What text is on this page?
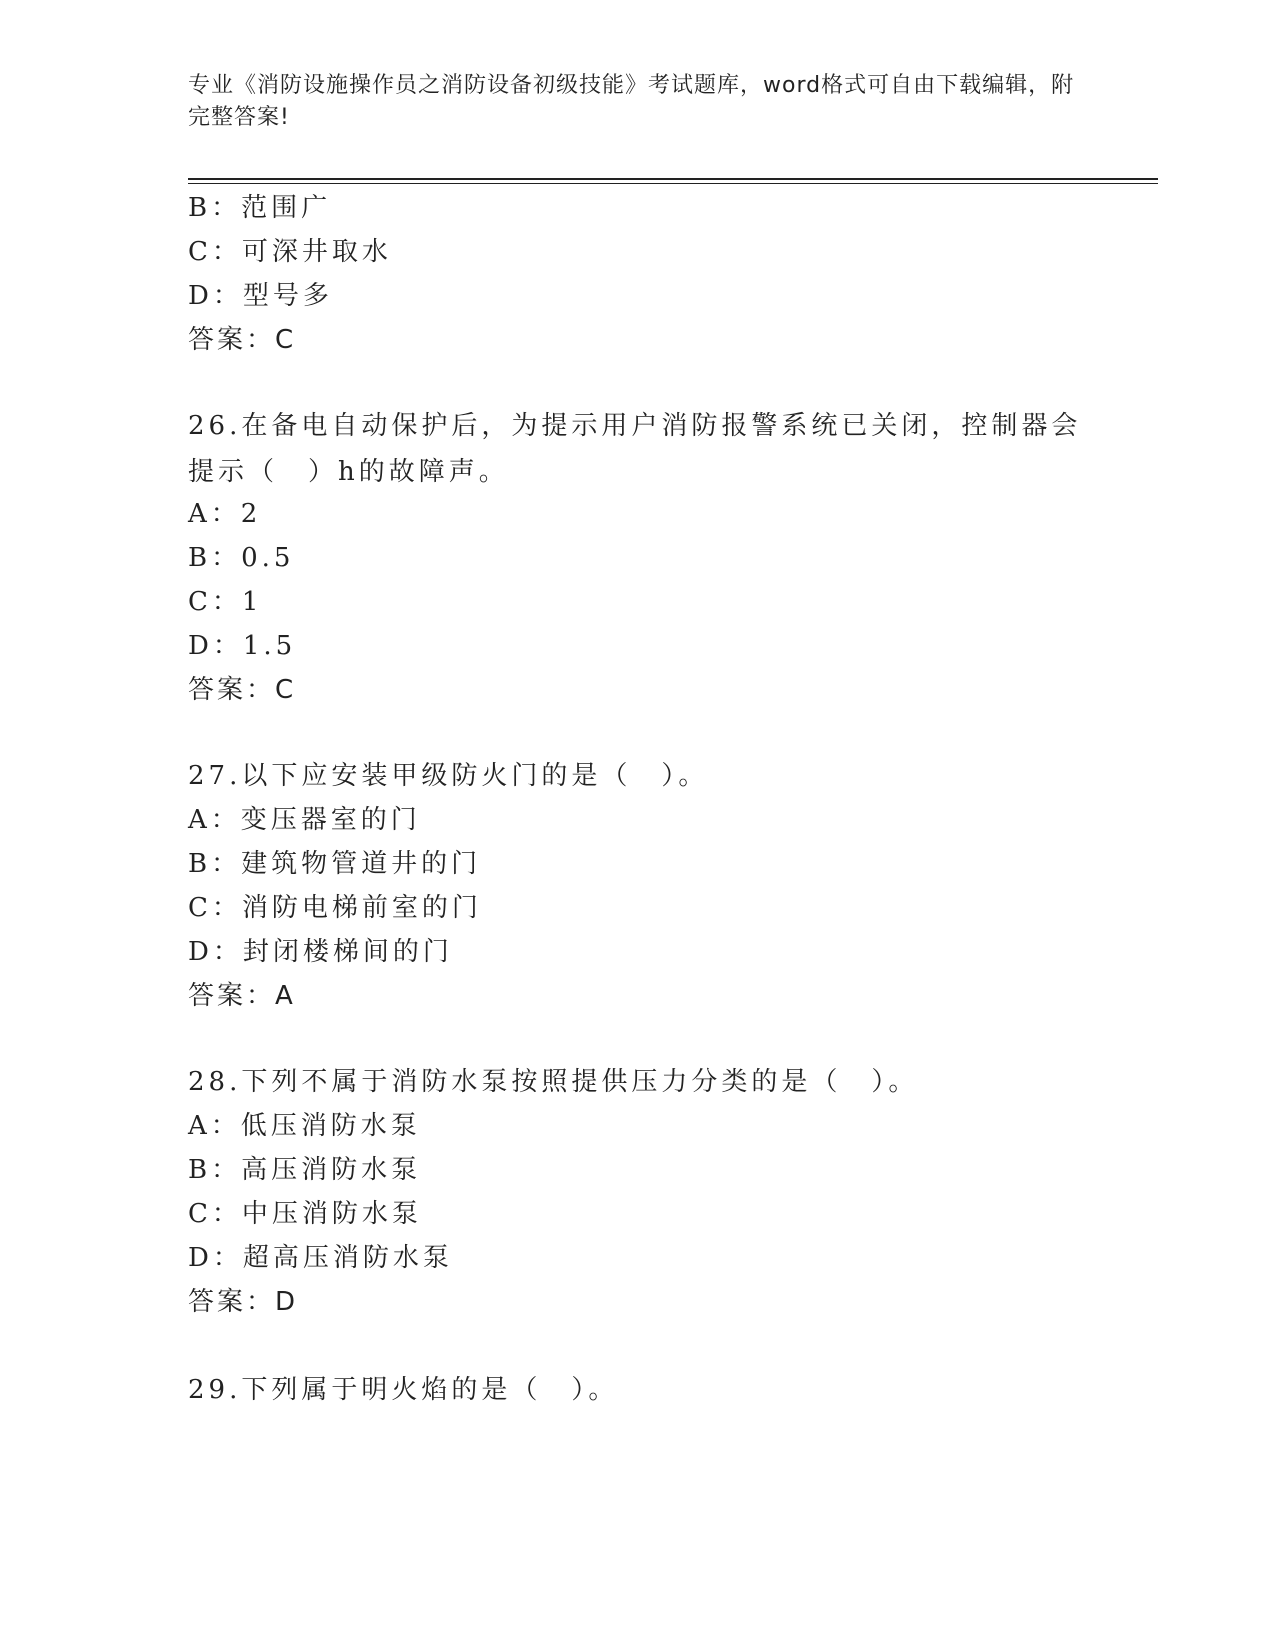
专业《消防设施操作员之消防设备初级技能》考试题库，word格式可自由下载编辑，附完整答案!
B：范围广
C：可深井取水
D：型号多
答案：C
26.在备电自动保护后，为提示用户消防报警系统已关闭，控制器会提示（　）h的故障声。
A：2
B：0.5
C：1
D：1.5
答案：C
27.以下应安装甲级防火门的是（　）。
A：变压器室的门
B：建筑物管道井的门
C：消防电梯前室的门
D：封闭楼梯间的门
答案：A
28.下列不属于消防水泵按照提供压力分类的是（　）。
A：低压消防水泵
B：高压消防水泵
C：中压消防水泵
D：超高压消防水泵
答案：D
29.下列属于明火焰的是（　）。
